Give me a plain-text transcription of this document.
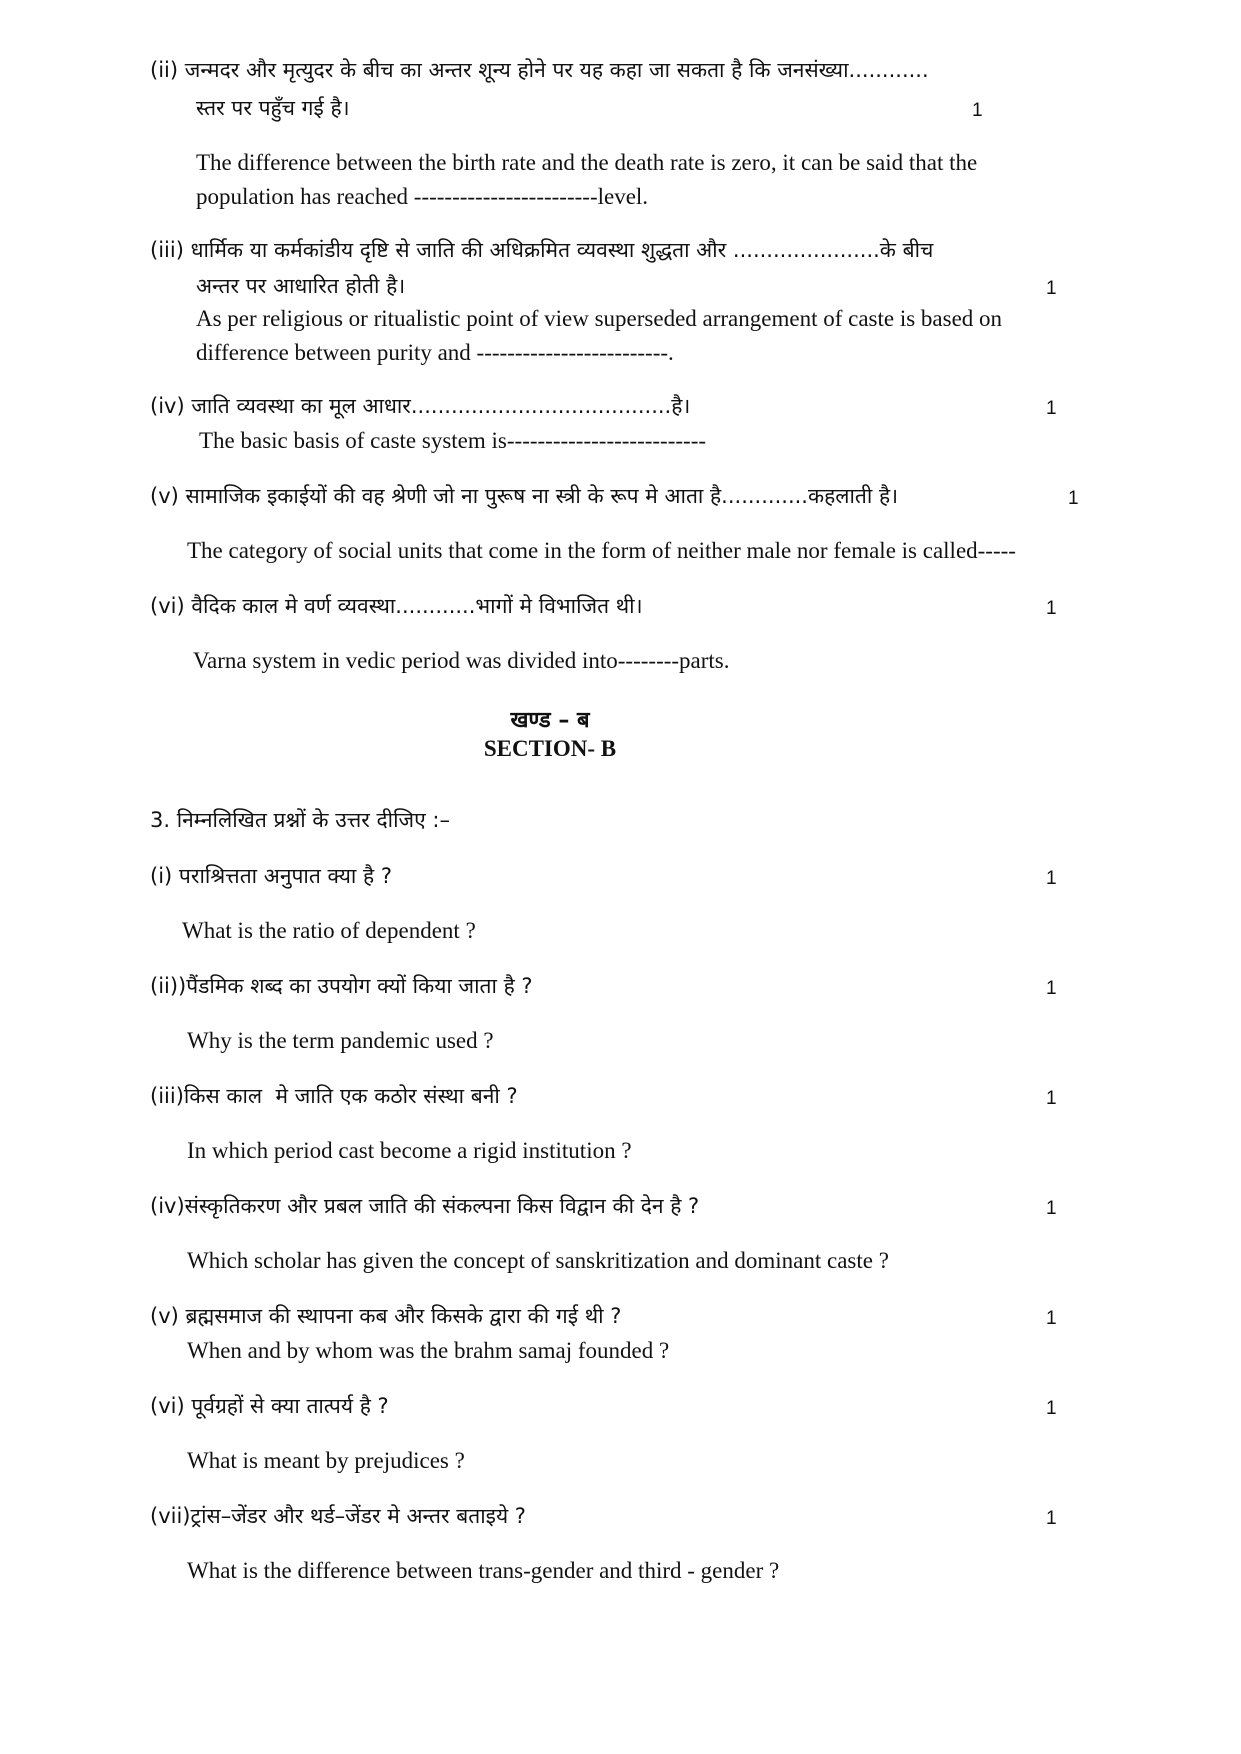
(ii) जन्मदर और मृत्युदर के बीच का अन्तर शून्य होने पर यह कहा जा सकता है कि जनसंख्या............
स्तर पर पहुँच गई है।	1
The difference between the birth rate and the death rate is zero, it can be said that the
population has reached ------------------------level.
(iii) धार्मिक या कर्मकांडीय दृष्टि से जाति की अधिक्रमित व्यवस्था शुद्धता और ......................के बीच
अन्तर पर आधारित होती है।	1
As per religious or ritualistic point of view superseded arrangement of caste is based on
difference between purity and -------------------------.
(iv) जाति व्यवस्था का मूल आधार.......................................है।	1
The basic basis of caste system is--------------------------
(v) सामाजिक इकाईयों की वह श्रेणी जो ना पुरूष ना स्त्री के रूप मे आता है.............कहलाती है।	1
The category of social units that come in the form of neither male nor female is called-----
(vi) वैदिक काल मे वर्ण व्यवस्था............भागों मे विभाजित थी।	1
Varna system in vedic period was divided into--------parts.
खण्ड – ब
SECTION- B
3. निम्नलिखित प्रश्नों के उत्तर दीजिए :–
(i) पराश्रित्तता अनुपात क्या है ?	1
What is the ratio of dependent ?
(ii))पैंडमिक शब्द का उपयोग क्यों किया जाता है ?	1
Why is the term pandemic used ?
(iii)किस काल  मे जाति एक कठोर संस्था बनी ?	1
In which period cast become a rigid institution ?
(iv)संस्कृतिकरण और प्रबल जाति की संकल्पना किस विद्वान की देन है ?	1
Which scholar has given the concept of sanskritization and dominant caste ?
(v) ब्रह्मसमाज की स्थापना कब और किसके द्वारा की गई थी ?	1
When and by whom was the brahm samaj founded ?
(vi) पूर्वग्रहों से क्या तात्पर्य है ?	1
What is meant by prejudices ?
(vii)ट्रांस–जेंडर और थर्ड–जेंडर मे अन्तर बताइये ?	1
What is the difference between trans-gender and third - gender ?
